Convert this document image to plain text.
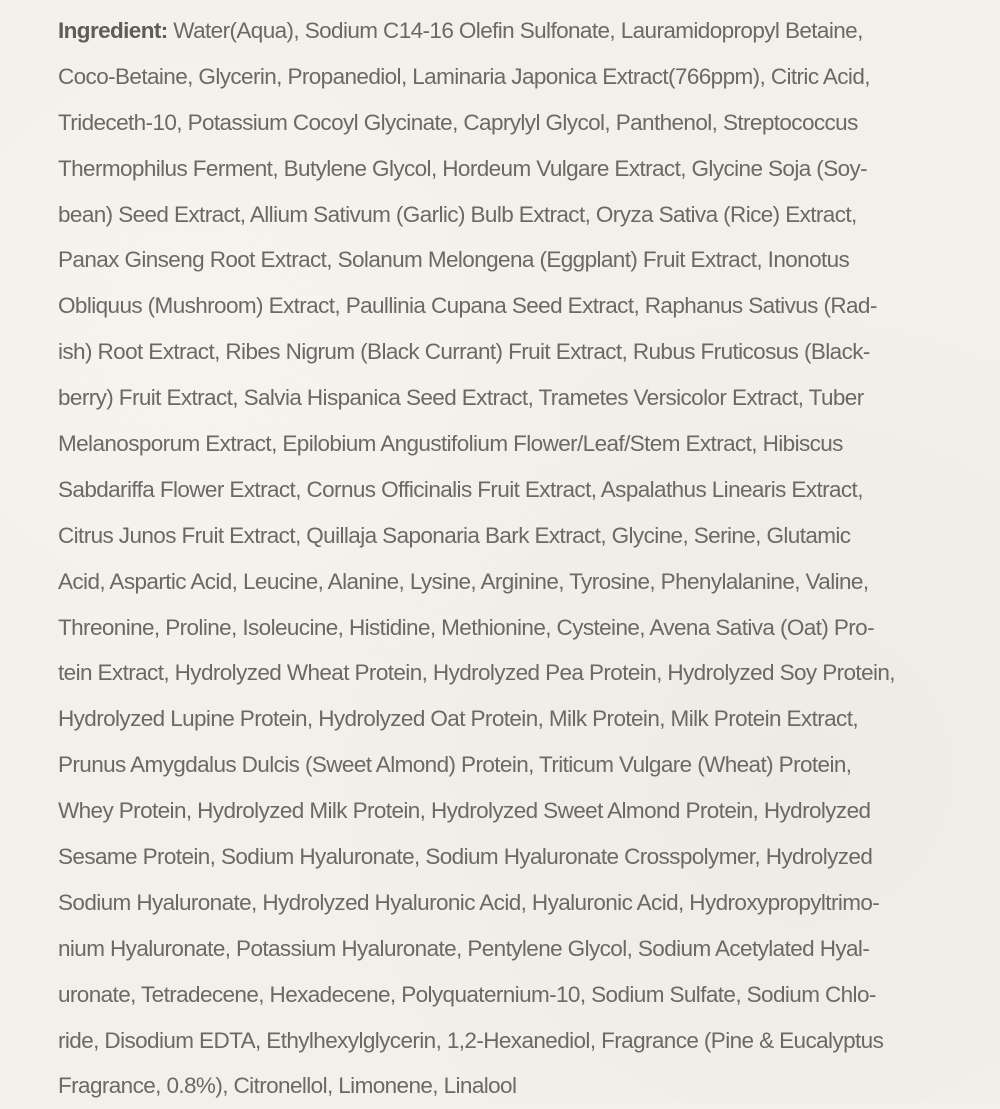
Ingredient: Water(Aqua), Sodium C14-16 Olefin Sulfonate, Lauramidopropyl Betaine,
Coco-Betaine, Glycerin, Propanediol, Laminaria Japonica Extract(766ppm), Citric Acid,
Trideceth-10, Potassium Cocoyl Glycinate, Caprylyl Glycol, Panthenol, Streptococcus
Thermophilus Ferment, Butylene Glycol, Hordeum Vulgare Extract, Glycine Soja (Soy-
bean) Seed Extract, Allium Sativum (Garlic) Bulb Extract, Oryza Sativa (Rice) Extract,
Panax Ginseng Root Extract, Solanum Melongena (Eggplant) Fruit Extract, Inonotus
Obliquus (Mushroom) Extract, Paullinia Cupana Seed Extract, Raphanus Sativus (Rad-
ish) Root Extract, Ribes Nigrum (Black Currant) Fruit Extract, Rubus Fruticosus (Black-
berry) Fruit Extract, Salvia Hispanica Seed Extract, Trametes Versicolor Extract, Tuber
Melanosporum Extract, Epilobium Angustifolium Flower/Leaf/Stem Extract, Hibiscus
Sabdariffa Flower Extract, Cornus Officinalis Fruit Extract, Aspalathus Linearis Extract,
Citrus Junos Fruit Extract, Quillaja Saponaria Bark Extract, Glycine, Serine, Glutamic
Acid, Aspartic Acid, Leucine, Alanine, Lysine, Arginine, Tyrosine, Phenylalanine, Valine,
Threonine, Proline, Isoleucine, Histidine, Methionine, Cysteine, Avena Sativa (Oat) Pro-
tein Extract, Hydrolyzed Wheat Protein, Hydrolyzed Pea Protein, Hydrolyzed Soy Protein,
Hydrolyzed Lupine Protein, Hydrolyzed Oat Protein, Milk Protein, Milk Protein Extract,
Prunus Amygdalus Dulcis (Sweet Almond) Protein, Triticum Vulgare (Wheat) Protein,
Whey Protein, Hydrolyzed Milk Protein, Hydrolyzed Sweet Almond Protein, Hydrolyzed
Sesame Protein, Sodium Hyaluronate, Sodium Hyaluronate Crosspolymer, Hydrolyzed
Sodium Hyaluronate, Hydrolyzed Hyaluronic Acid, Hyaluronic Acid, Hydroxypropyltrimo-
nium Hyaluronate, Potassium Hyaluronate, Pentylene Glycol, Sodium Acetylated Hyal-
uronate, Tetradecene, Hexadecene, Polyquaternium-10, Sodium Sulfate, Sodium Chlo-
ride, Disodium EDTA, Ethylhexylglycerin, 1,2-Hexanediol, Fragrance (Pine & Eucalyptus
Fragrance, 0.8%), Citronellol, Limonene, Linalool
